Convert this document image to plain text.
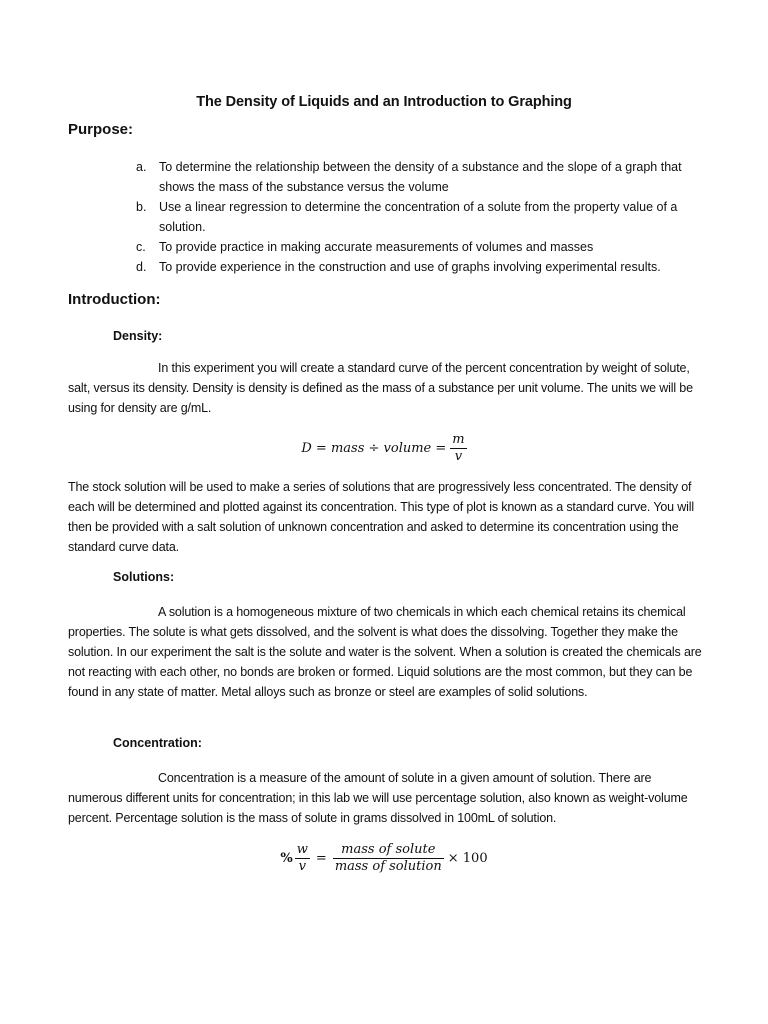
The Density of Liquids and an Introduction to Graphing
Purpose:
a. To determine the relationship between the density of a substance and the slope of a graph that shows the mass of the substance versus the volume
b. Use a linear regression to determine the concentration of a solute from the property value of a solution.
c. To provide practice in making accurate measurements of volumes and masses
d. To provide experience in the construction and use of graphs involving experimental results.
Introduction:
Density:

In this experiment you will create a standard curve of the percent concentration by weight of solute, salt, versus its density. Density is density is defined as the mass of a substance per unit volume. The units we will be using for density are g/mL.

D = mass ÷ volume = $\frac{m}{v}$

The stock solution will be used to make a series of solutions that are progressively less concentrated. The density of each will be determined and plotted against its concentration. This type of plot is known as a standard curve. You will then be provided with a salt solution of unknown concentration and asked to determine its concentration using the standard curve data.

Solutions:

A solution is a homogeneous mixture of two chemicals in which each chemical retains its chemical properties. The solute is what gets dissolved, and the solvent is what does the dissolving. Together they make the solution. In our experiment the salt is the solute and water is the solvent. When a solution is created the chemicals are not reacting with each other, no bonds are broken or formed. Liquid solutions are the most common, but they can be found in any state of matter. Metal alloys such as bronze or steel are examples of solid solutions.

Concentration:

Concentration is a measure of the amount of solute in a given amount of solution. There are numerous different units for concentration; in this lab we will use percentage solution, also known as weight-volume percent. Percentage solution is the mass of solute in grams dissolved in 100mL of solution.

% $\frac{w}{v} = \frac{\text{mass of solute}}{\text{mass of solution}} \times 100$
